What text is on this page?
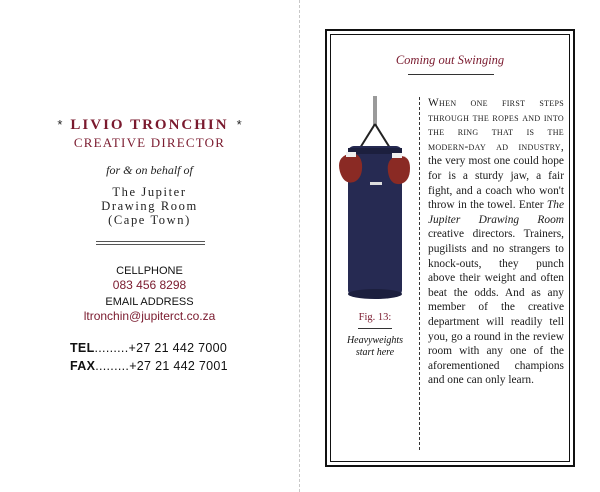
* LIVIO TRONCHIN *
CREATIVE DIRECTOR
for & on behalf of
The Jupiter
Drawing Room
(Cape Town)
CELLPHONE
083 456 8298
EMAIL ADDRESS
ltronchin@jupiterct.co.za
TEL.........+27 21 442 7000
FAX.........+27 21 442 7001
Coming out Swinging
Fig. 13:
Heavyweights start here
When one first steps through the ropes and into the ring that is the modern-day ad industry, the very most one could hope for is a sturdy jaw, a fair fight, and a coach who won't throw in the towel. Enter The Jupiter Drawing Room creative directors. Trainers, pugilists and no strangers to knock-outs, they punch above their weight and often beat the odds. And as any member of the creative department will readily tell you, go a round in the review room with any one of the aforementioned champions and one can only learn.
